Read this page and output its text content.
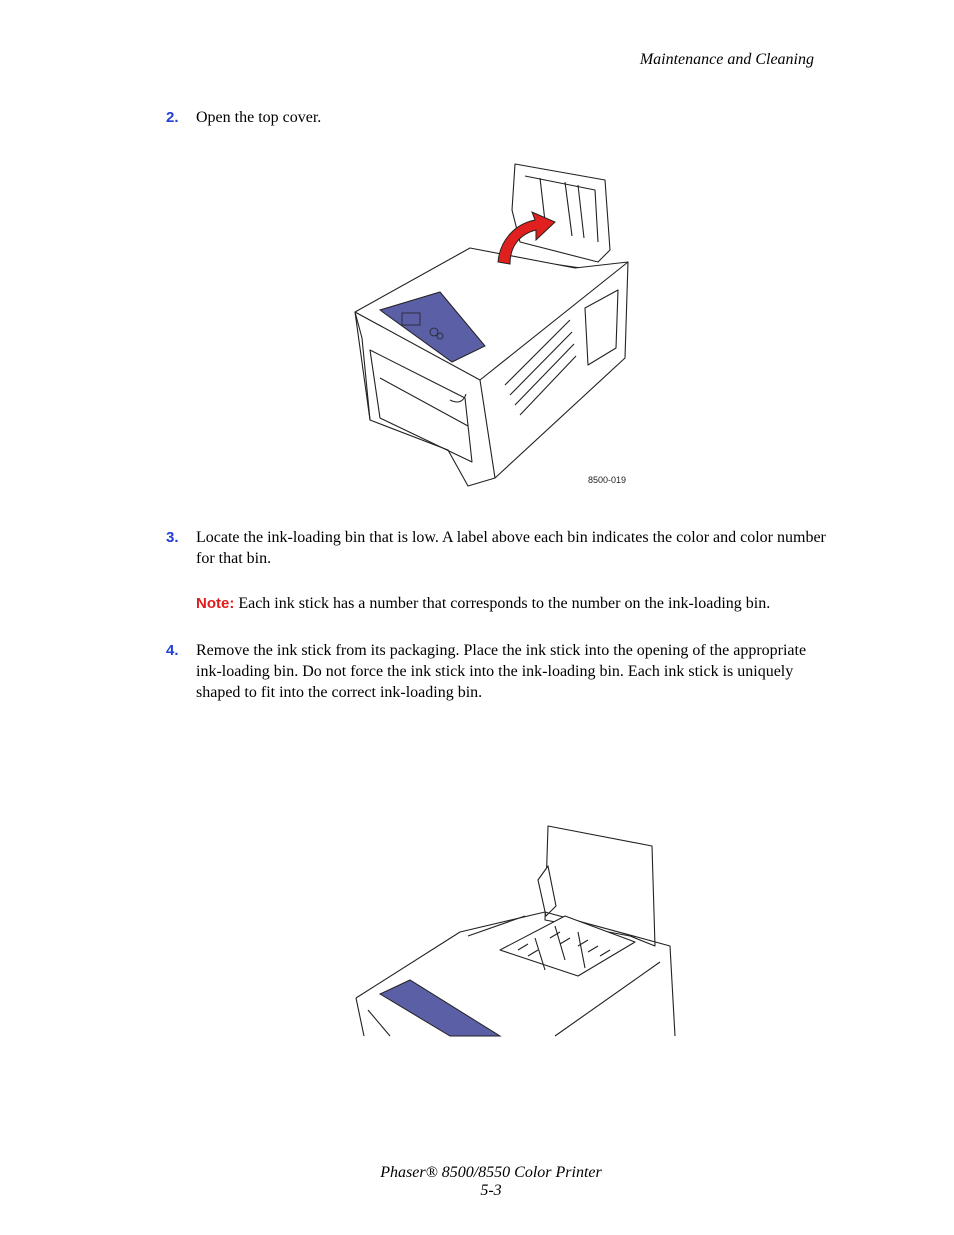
Maintenance and Cleaning
2. Open the top cover.
8500-019
3. Locate the ink-loading bin that is low. A label above each bin indicates the color and color number for that bin.
Note: Each ink stick has a number that corresponds to the number on the ink-loading bin.
4. Remove the ink stick from its packaging. Place the ink stick into the opening of the appropriate ink-loading bin. Do not force the ink stick into the ink-loading bin. Each ink stick is uniquely shaped to fit into the correct ink-loading bin.
Phaser® 8500/8550 Color Printer
5-3
